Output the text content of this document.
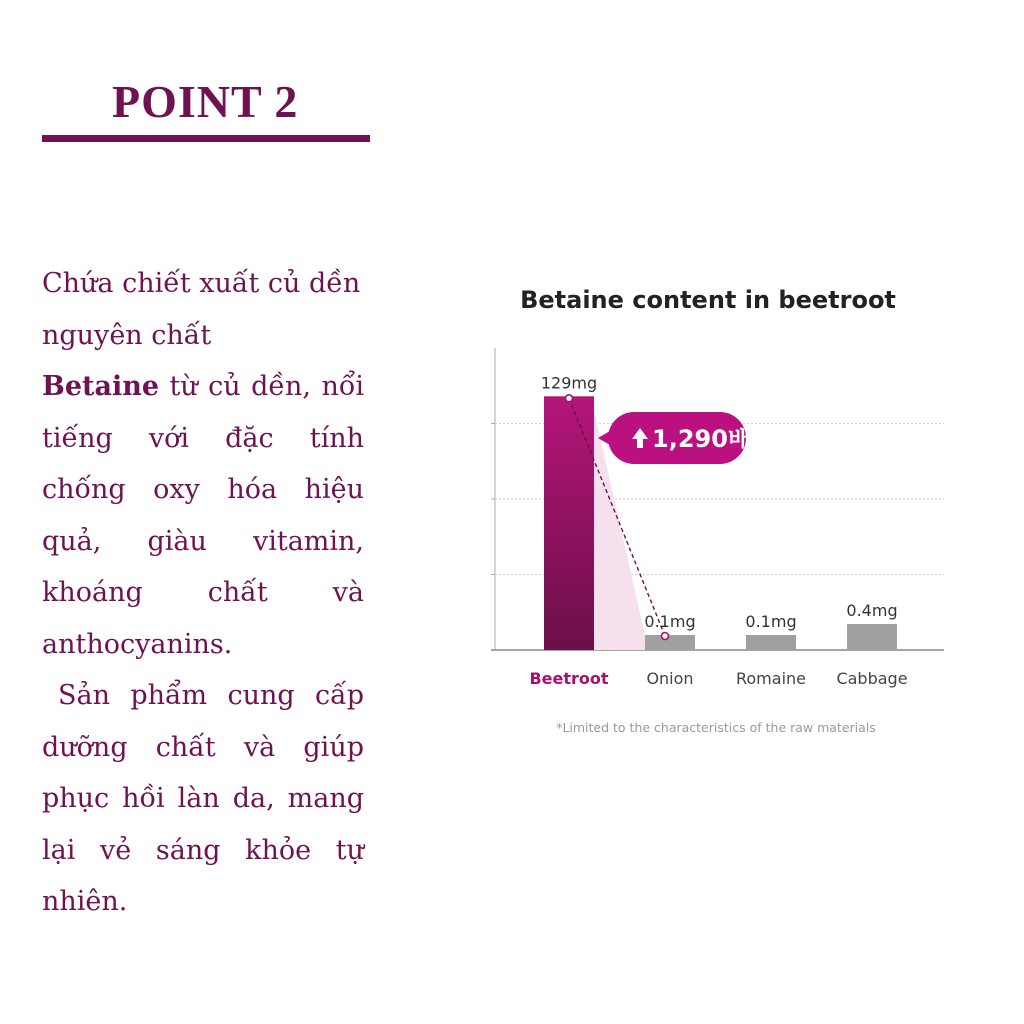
POINT 2

Chứa chiết xuất củ dền nguyên chất

Betaine từ củ dền, nổi tiếng với đặc tính chống oxy hóa hiệu quả, giàu vitamin, khoáng chất và anthocyanins.

Sản phẩm cung cấp dưỡng chất và giúp phục hồi làn da, mang lại vẻ sáng khỏe tự nhiên.

Betaine content in beetroot
129mg
Beetroot
0.1mg
Onion
0.1mg
Romaine
0.4mg
Cabbage
1,290배
*Limited to the characteristics of the raw materials
